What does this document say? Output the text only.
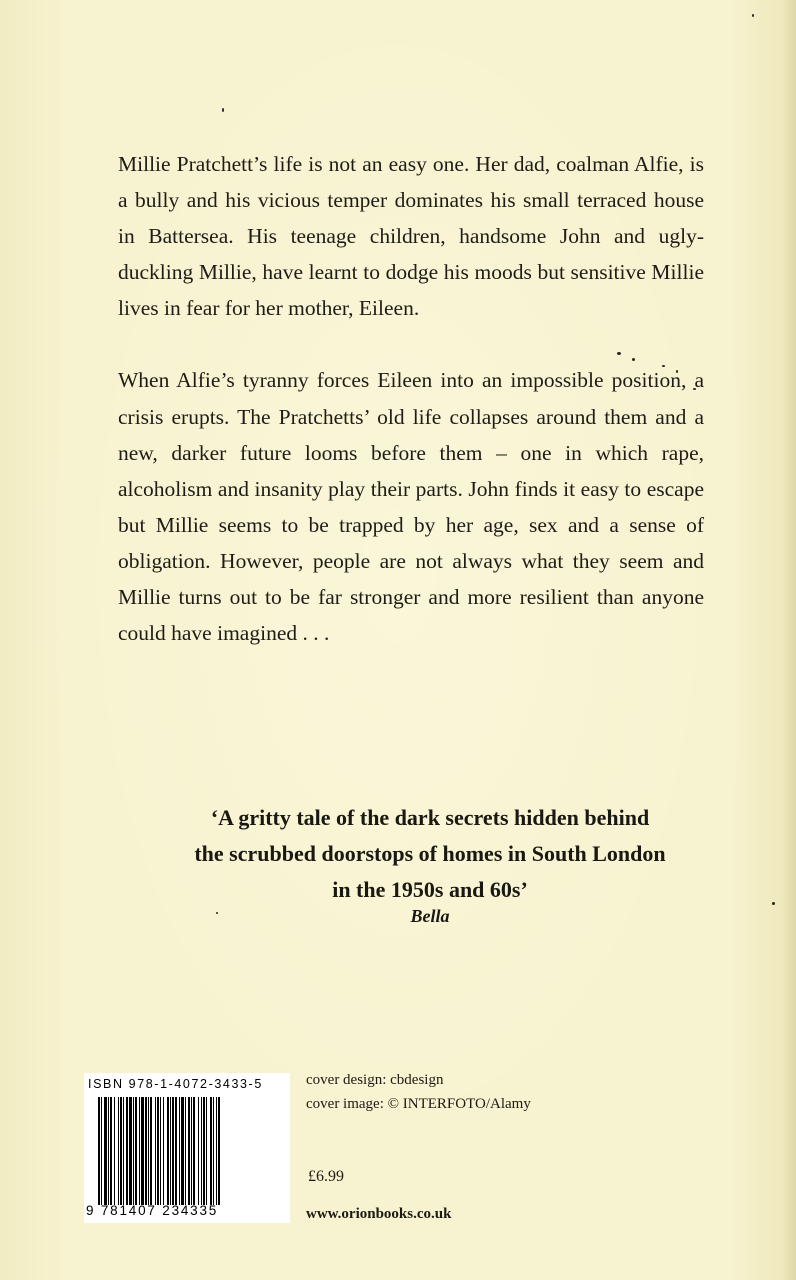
Millie Pratchett’s life is not an easy one. Her dad, coalman Alfie, is a bully and his vicious temper dominates his small terraced house in Battersea. His teenage children, handsome John and ugly-duckling Millie, have learnt to dodge his moods but sensitive Millie lives in fear for her mother, Eileen.

When Alfie’s tyranny forces Eileen into an impossible position, a crisis erupts. The Pratchetts’ old life collapses around them and a new, darker future looms before them – one in which rape, alcoholism and insanity play their parts. John finds it easy to escape but Millie seems to be trapped by her age, sex and a sense of obligation. However, people are not always what they seem and Millie turns out to be far stronger and more resilient than anyone could have imagined . . .

‘A gritty tale of the dark secrets hidden behind
the scrubbed doorstops of homes in South London
in the 1950s and 60s’
Bella
ISBN 978-1-4072-3433-5
9 781407 234335
cover design: cbdesign
cover image: © INTERFOTO/Alamy
£6.99
www.orionbooks.co.uk
